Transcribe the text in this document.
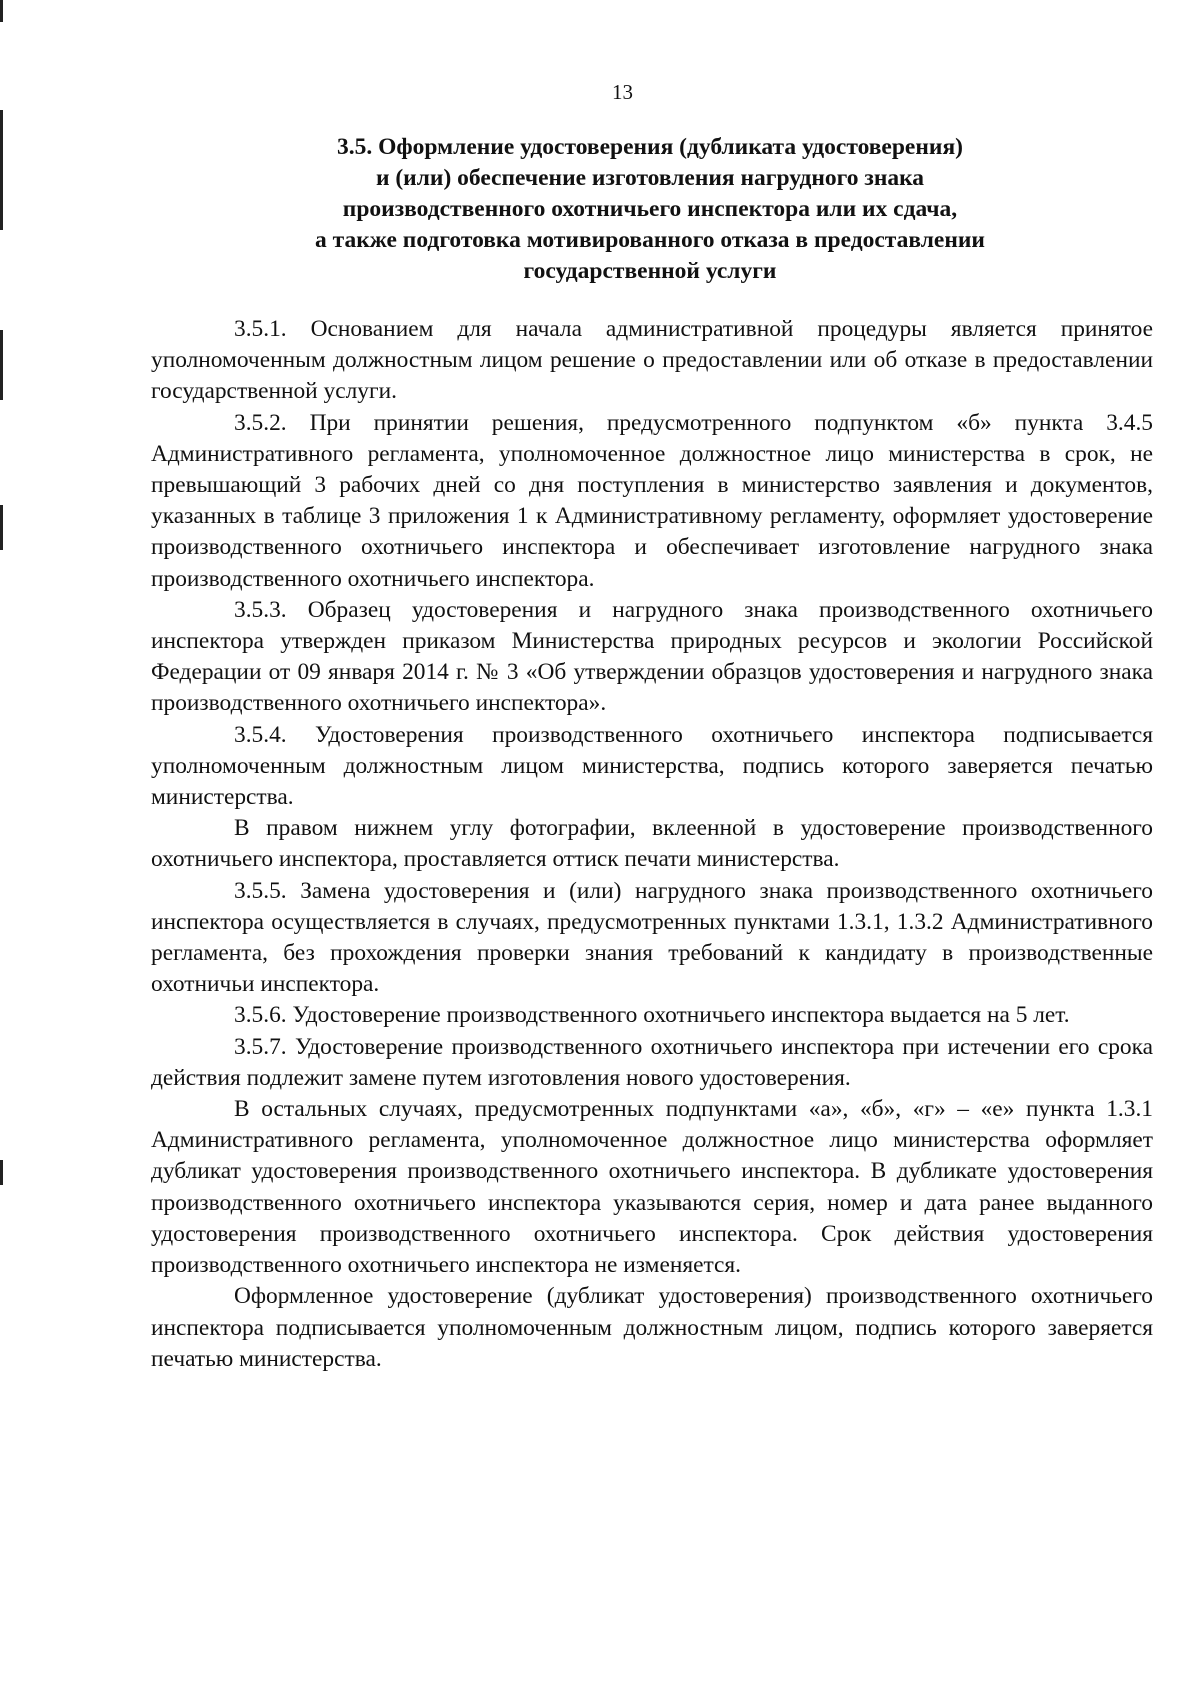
13
3.5. Оформление удостоверения (дубликата удостоверения)
и (или) обеспечение изготовления нагрудного знака
производственного охотничьего инспектора или их сдача,
а также подготовка мотивированного отказа в предоставлении
государственной услуги

3.5.1. Основанием для начала административной процедуры является принятое уполномоченным должностным лицом решение о предоставлении или об отказе в предоставлении государственной услуги.

3.5.2. При принятии решения, предусмотренного подпунктом «б» пункта 3.4.5 Административного регламента, уполномоченное должностное лицо министерства в срок, не превышающий 3 рабочих дней со дня поступления в министерство заявления и документов, указанных в таблице 3 приложения 1 к Административному регламенту, оформляет удостоверение производственного охотничьего инспектора и обеспечивает изготовление нагрудного знака производственного охотничьего инспектора.

3.5.3. Образец удостоверения и нагрудного знака производственного охотничьего инспектора утвержден приказом Министерства природных ресурсов и экологии Российской Федерации от 09 января 2014 г. № 3 «Об утверждении образцов удостоверения и нагрудного знака производственного охотничьего инспектора».

3.5.4. Удостоверения производственного охотничьего инспектора подписывается уполномоченным должностным лицом министерства, подпись которого заверяется печатью министерства.

В правом нижнем углу фотографии, вклеенной в удостоверение производственного охотничьего инспектора, проставляется оттиск печати министерства.

3.5.5. Замена удостоверения и (или) нагрудного знака производственного охотничьего инспектора осуществляется в случаях, предусмотренных пунктами 1.3.1, 1.3.2 Административного регламента, без прохождения проверки знания требований к кандидату в производственные охотничьи инспектора.

3.5.6. Удостоверение производственного охотничьего инспектора выдается на 5 лет.

3.5.7. Удостоверение производственного охотничьего инспектора при истечении его срока действия подлежит замене путем изготовления нового удостоверения.

В остальных случаях, предусмотренных подпунктами «а», «б», «г» – «е» пункта 1.3.1 Административного регламента, уполномоченное должностное лицо министерства оформляет дубликат удостоверения производственного охотничьего инспектора. В дубликате удостоверения производственного охотничьего инспектора указываются серия, номер и дата ранее выданного удостоверения производственного охотничьего инспектора. Срок действия удостоверения производственного охотничьего инспектора не изменяется.

Оформленное удостоверение (дубликат удостоверения) производственного охотничьего инспектора подписывается уполномоченным должностным лицом, подпись которого заверяется печатью министерства.
